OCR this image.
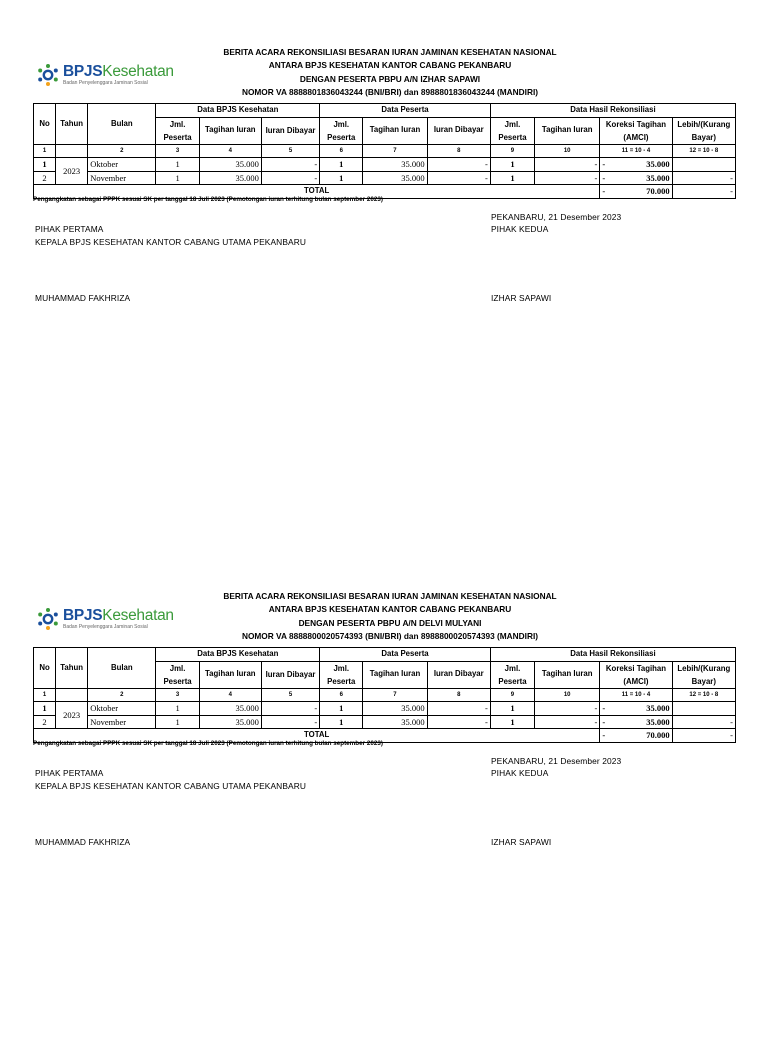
BPJSKesehatan
Badan Penyelenggara Jaminan Sosial
BERITA ACARA REKONSILIASI BESARAN IURAN JAMINAN KESEHATAN NASIONAL
ANTARA BPJS KESEHATAN KANTOR CABANG PEKANBARU
DENGAN PESERTA PBPU A/N IZHAR SAPAWI
NOMOR VA 8888801836043244 (BNI/BRI) dan 8988801836043244 (MANDIRI)
No	Tahun	Bulan	Data BPJS Kesehatan			Data Peserta			Data Hasil Rekonsiliasi			
			Jml. Peserta	Tagihan Iuran	Iuran Dibayar	Jml. Peserta	Tagihan Iuran	Iuran Dibayar	Jml. Peserta	Tagihan Iuran	Koreksi Tagihan (AMCI)	Lebih/(Kurang Bayar)
1		2	3	4	5	6	7	8	9	10	11 = 10 - 4	12 = 10 - 8
1	2023	Oktober	1	35.000	-	1	35.000	-	1	-	- 35.000	
2		November	1	35.000	-	1	35.000	-	1	-	- 35.000	-
TOTAL											- 70.000	-
Pengangkatan sebagai PPPK sesuai SK per tanggal 18 Juli 2023 (Pemotongan iuran terhitung bulan september 2023)
PEKANBARU, 21 Desember 2023
PIHAK PERTAMA	PIHAK KEDUA
KEPALA BPJS KESEHATAN KANTOR CABANG UTAMA PEKANBARU
MUHAMMAD FAKHRIZA	IZHAR SAPAWI
BPJSKesehatan
Badan Penyelenggara Jaminan Sosial
BERITA ACARA REKONSILIASI BESARAN IURAN JAMINAN KESEHATAN NASIONAL
ANTARA BPJS KESEHATAN KANTOR CABANG PEKANBARU
DENGAN PESERTA PBPU A/N DELVI MULYANI
NOMOR VA 8888800020574393 (BNI/BRI) dan 8988800020574393 (MANDIRI)
No	Tahun	Bulan	Data BPJS Kesehatan			Data Peserta			Data Hasil Rekonsiliasi			
			Jml. Peserta	Tagihan Iuran	Iuran Dibayar	Jml. Peserta	Tagihan Iuran	Iuran Dibayar	Jml. Peserta	Tagihan Iuran	Koreksi Tagihan (AMCI)	Lebih/(Kurang Bayar)
1		2	3	4	5	6	7	8	9	10	11 = 10 - 4	12 = 10 - 8
1	2023	Oktober	1	35.000	-	1	35.000	-	1	-	- 35.000	
2		November	1	35.000	-	1	35.000	-	1	-	- 35.000	-
TOTAL											- 70.000	-
Pengangkatan sebagai PPPK sesuai SK per tanggal 18 Juli 2023 (Pemotongan iuran terhitung bulan september 2023)
PEKANBARU, 21 Desember 2023
PIHAK PERTAMA	PIHAK KEDUA
KEPALA BPJS KESEHATAN KANTOR CABANG UTAMA PEKANBARU
MUHAMMAD FAKHRIZA	IZHAR SAPAWI
